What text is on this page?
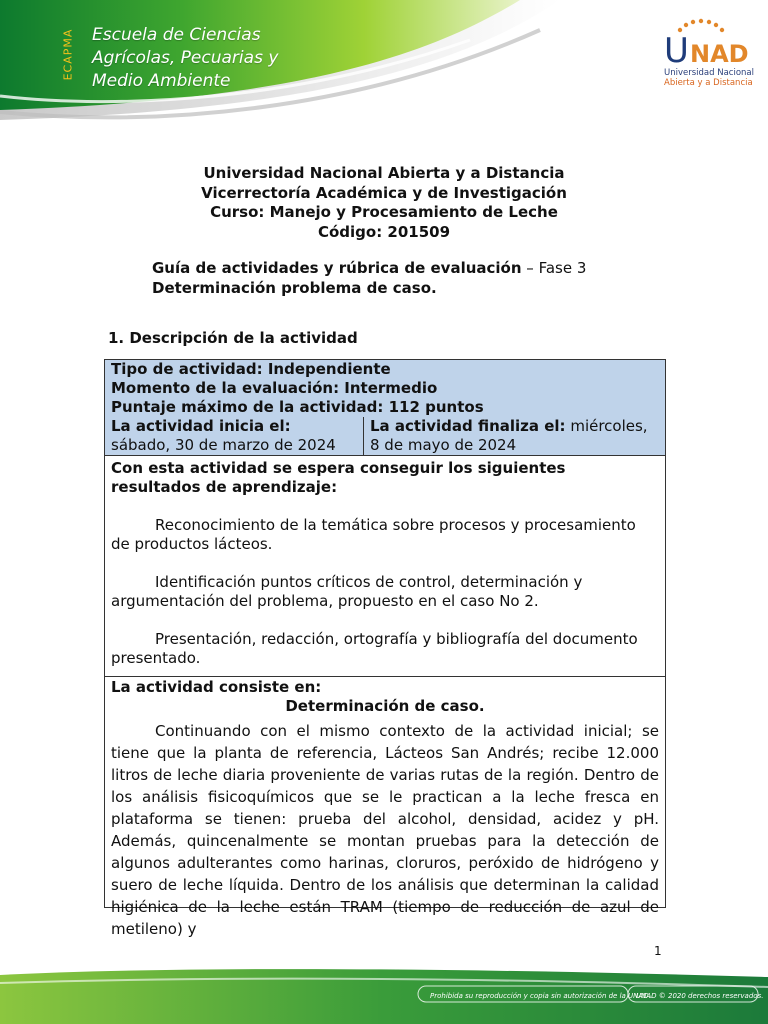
ECAPMA Escuela de Ciencias
Agrícolas, Pecuarias y
Medio Ambiente
U NAD
Universidad Nacional
Abierta y a Distancia
Universidad Nacional Abierta y a Distancia
Vicerrectoría Académica y de Investigación
Curso: Manejo y Procesamiento de Leche
Código: 201509
Guía de actividades y rúbrica de evaluación – Fase 3
Determinación problema de caso.
1. Descripción de la actividad
Tipo de actividad: Independiente
Momento de la evaluación: Intermedio
Puntaje máximo de la actividad: 112 puntos
La actividad inicia el:
sábado, 30 de marzo de 2024
La actividad finaliza el: miércoles,
8 de mayo de 2024

Con esta actividad se espera conseguir los siguientes resultados de aprendizaje:

Reconocimiento de la temática sobre procesos y procesamiento de productos lácteos.

Identificación puntos críticos de control, determinación y argumentación del problema, propuesto en el caso No 2.

Presentación, redacción, ortografía y bibliografía del documento presentado.

La actividad consiste en:
Determinación de caso.

Continuando con el mismo contexto de la actividad inicial; se tiene que la planta de referencia, Lácteos San Andrés; recibe 12.000 litros de leche diaria proveniente de varias rutas de la región. Dentro de los análisis fisicoquímicos que se le practican a la leche fresca en plataforma se tienen: prueba del alcohol, densidad, acidez y pH. Además, quincenalmente se montan pruebas para la detección de algunos adulterantes como harinas, cloruros, peróxido de hidrógeno y suero de leche líquida. Dentro de los análisis que determinan la calidad higiénica de la leche están TRAM (tiempo de reducción de azul de metileno) y

1
Prohibida su reproducción y copia sin autorización de la UNAD.
UNAD © 2020 derechos reservados.
